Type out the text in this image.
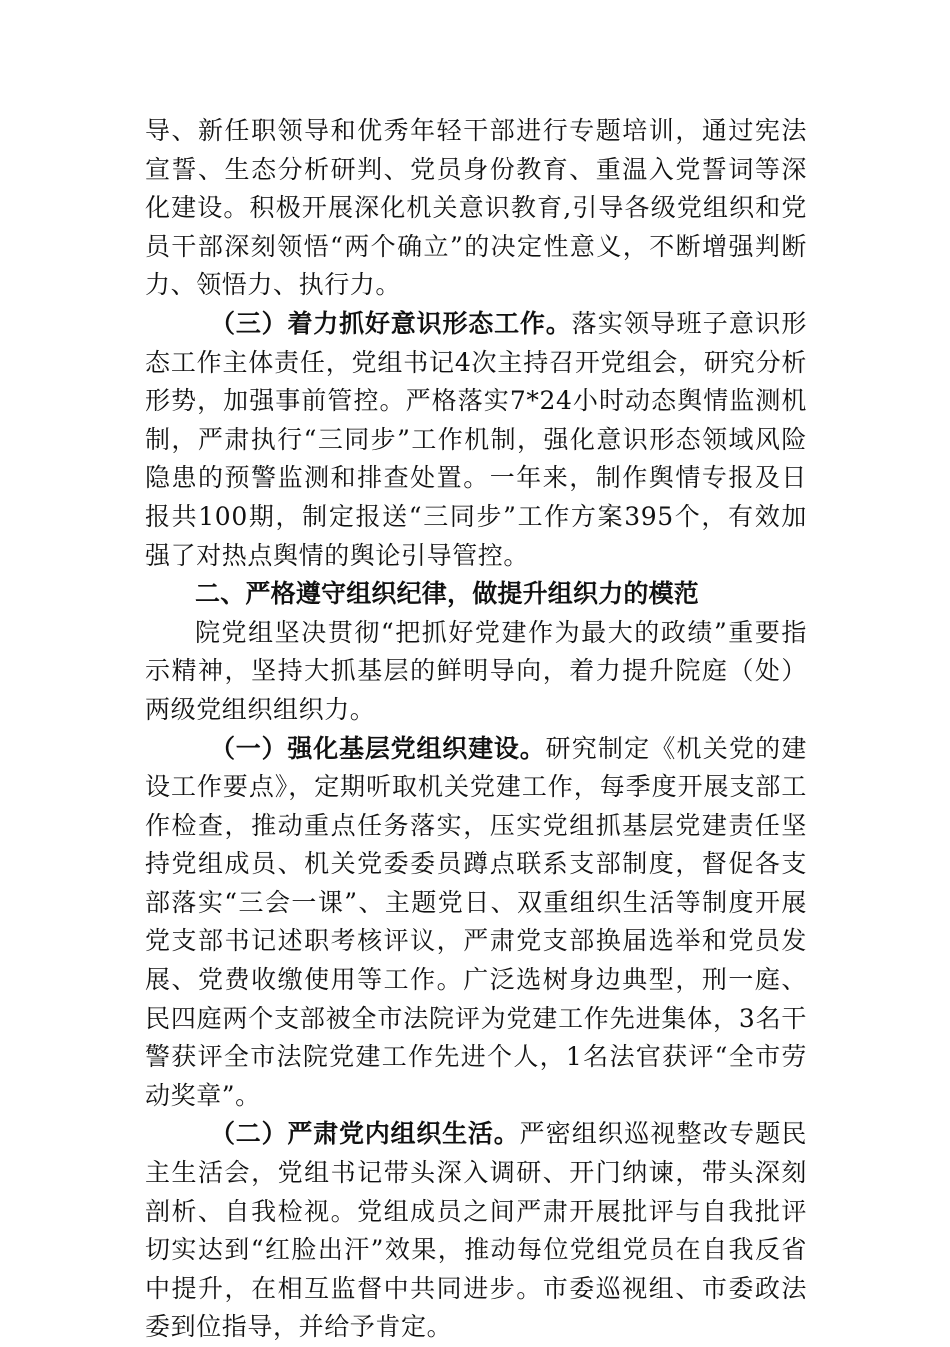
导、新任职领导和优秀年轻干部进行专题培训，通过宪法宣誓、生态分析研判、党员身份教育、重温入党誓词等深化建设。积极开展深化机关意识教育,引导各级党组织和党员干部深刻领悟“两个确立”的决定性意义，不断增强判断力、领悟力、执行力。

（三）着力抓好意识形态工作。落实领导班子意识形态工作主体责任，党组书记4次主持召开党组会，研究分析形势，加强事前管控。严格落实7*24小时动态舆情监测机制，严肃执行“三同步”工作机制，强化意识形态领域风险隐患的预警监测和排查处置。一年来，制作舆情专报及日报共100期，制定报送“三同步”工作方案395个，有效加强了对热点舆情的舆论引导管控。

二、严格遵守组织纪律，做提升组织力的模范

院党组坚决贯彻“把抓好党建作为最大的政绩”重要指示精神，坚持大抓基层的鲜明导向，着力提升院庭（处）两级党组织组织力。

（一）强化基层党组织建设。研究制定《机关党的建设工作要点》，定期听取机关党建工作，每季度开展支部工作检查，推动重点任务落实，压实党组抓基层党建责任坚持党组成员、机关党委委员蹲点联系支部制度，督促各支部落实“三会一课”、主题党日、双重组织生活等制度开展党支部书记述职考核评议，严肃党支部换届选举和党员发展、党费收缴使用等工作。广泛选树身边典型，刑一庭、民四庭两个支部被全市法院评为党建工作先进集体，3名干警获评全市法院党建工作先进个人，1名法官获评“全市劳动奖章”。

（二）严肃党内组织生活。严密组织巡视整改专题民主生活会，党组书记带头深入调研、开门纳谏，带头深刻剖析、自我检视。党组成员之间严肃开展批评与自我批评切实达到“红脸出汗”效果，推动每位党组党员在自我反省中提升，在相互监督中共同进步。市委巡视组、市委政法委到位指导，并给予肯定。
